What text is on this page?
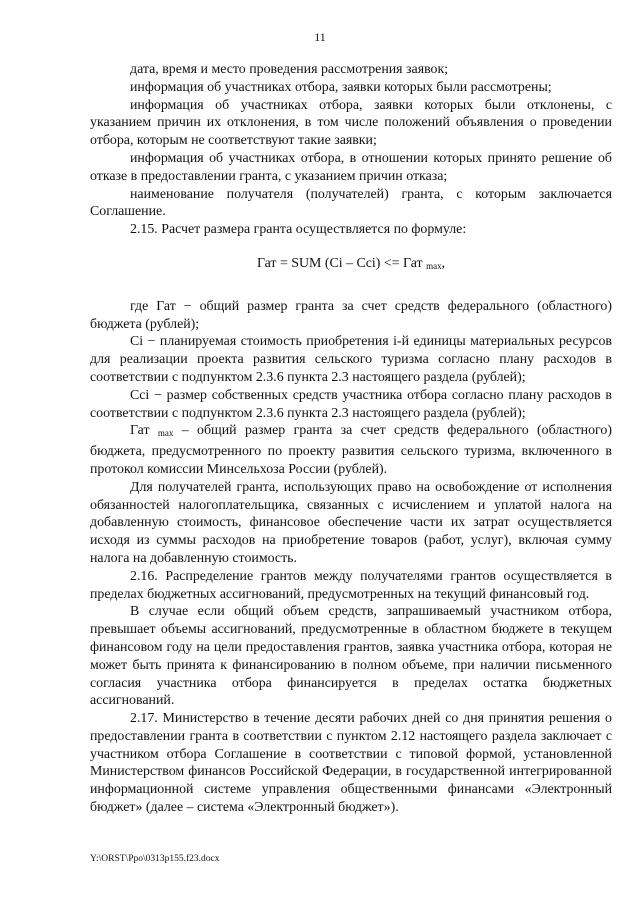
11

дата, время и место проведения рассмотрения заявок;

информация об участниках отбора, заявки которых были рассмотрены;

информация об участниках отбора, заявки которых были отклонены, с указанием причин их отклонения, в том числе положений объявления о проведении отбора, которым не соответствуют такие заявки;

информация об участниках отбора, в отношении которых принято решение об отказе в предоставлении гранта, с указанием причин отказа;

наименование получателя (получателей) гранта, с которым заключается Соглашение.

2.15. Расчет размера гранта осуществляется по формуле:

Гат = SUM (Ci – Cci) <= Гат $_{max}$,

где Гат − общий размер гранта за счет средств федерального (областного) бюджета (рублей);

Сi − планируемая стоимость приобретения i-й единицы материальных ресурсов для реализации проекта развития сельского туризма согласно плану расходов в соответствии с подпунктом 2.3.6 пункта 2.3 настоящего раздела (рублей);

Cci − размер собственных средств участника отбора согласно плану расходов в соответствии с подпунктом 2.3.6 пункта 2.3 настоящего раздела (рублей);

Гат $_{max}$ – общий размер гранта за счет средств федерального (областного) бюджета, предусмотренного по проекту развития сельского туризма, включенного в протокол комиссии Минсельхоза России (рублей).

Для получателей гранта, использующих право на освобождение от исполнения обязанностей налогоплательщика, связанных с исчислением и уплатой налога на добавленную стоимость, финансовое обеспечение части их затрат осуществляется исходя из суммы расходов на приобретение товаров (работ, услуг), включая сумму налога на добавленную стоимость.

2.16. Распределение грантов между получателями грантов осуществляется в пределах бюджетных ассигнований, предусмотренных на текущий финансовый год.

В случае если общий объем средств, запрашиваемый участником отбора, превышает объемы ассигнований, предусмотренные в областном бюджете в текущем финансовом году на цели предоставления грантов, заявка участника отбора, которая не может быть принята к финансированию в полном объеме, при наличии письменного согласия участника отбора финансируется в пределах остатка бюджетных ассигнований.

2.17. Министерство в течение десяти рабочих дней со дня принятия решения о предоставлении гранта в соответствии с пунктом 2.12 настоящего раздела заключает с участником отбора Соглашение в соответствии с типовой формой, установленной Министерством финансов Российской Федерации, в государственной интегрированной информационной системе управления общественными финансами «Электронный бюджет» (далее – система «Электронный бюджет»).

Y:\ORST\Ppo\0313p155.f23.docx
